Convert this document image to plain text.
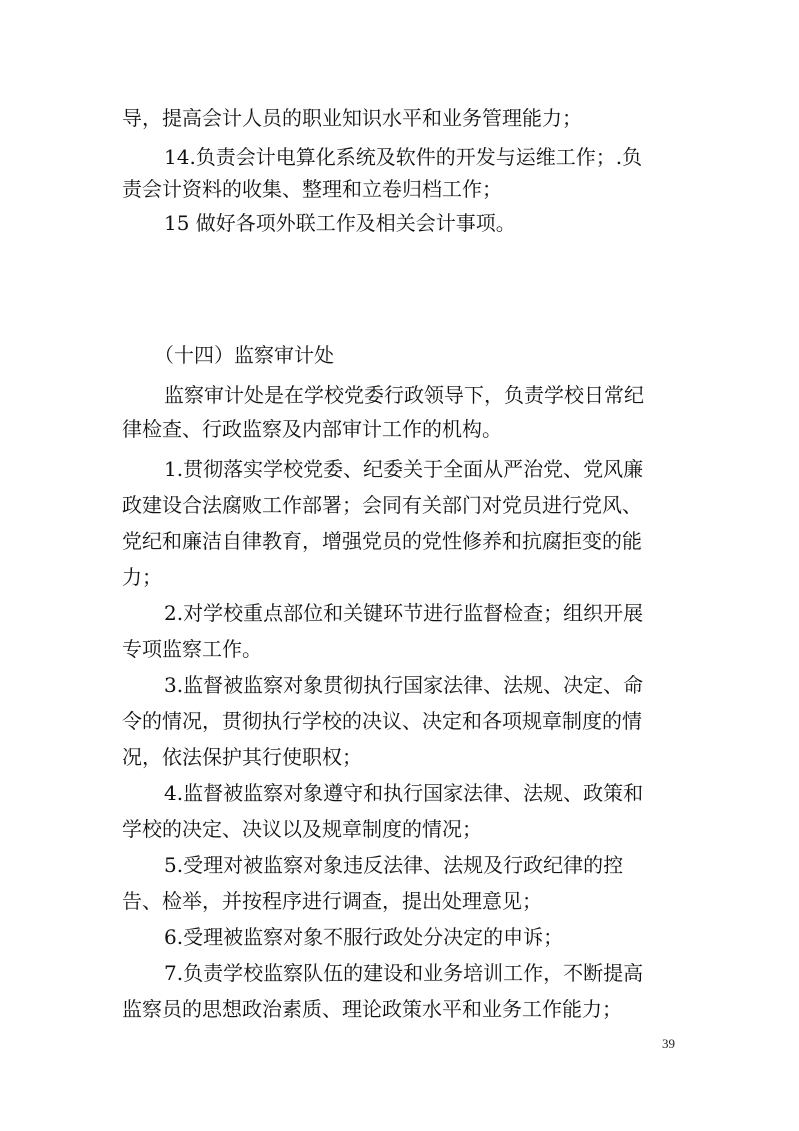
导，提高会计人员的职业知识水平和业务管理能力；
14.负责会计电算化系统及软件的开发与运维工作；.负
责会计资料的收集、整理和立卷归档工作；
15 做好各项外联工作及相关会计事项。
（十四）监察审计处
监察审计处是在学校党委行政领导下，负责学校日常纪
律检查、行政监察及内部审计工作的机构。
1.贯彻落实学校党委、纪委关于全面从严治党、党风廉
政建设合法腐败工作部署；会同有关部门对党员进行党风、
党纪和廉洁自律教育，增强党员的党性修养和抗腐拒变的能
力；
2.对学校重点部位和关键环节进行监督检查；组织开展
专项监察工作。
3.监督被监察对象贯彻执行国家法律、法规、决定、命
令的情况，贯彻执行学校的决议、决定和各项规章制度的情
况，依法保护其行使职权；
4.监督被监察对象遵守和执行国家法律、法规、政策和
学校的决定、决议以及规章制度的情况；
5.受理对被监察对象违反法律、法规及行政纪律的控
告、检举，并按程序进行调查，提出处理意见；
6.受理被监察对象不服行政处分决定的申诉；
7.负责学校监察队伍的建设和业务培训工作，不断提高
监察员的思想政治素质、理论政策水平和业务工作能力；
39
